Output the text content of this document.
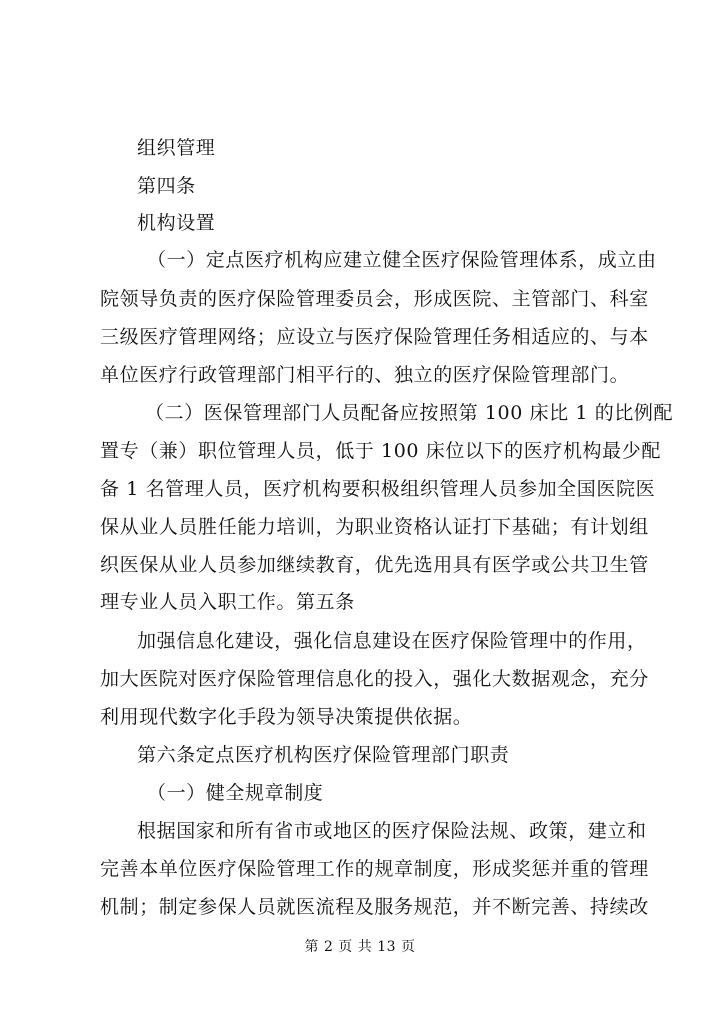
组织管理
第四条
机构设置
（一）定点医疗机构应建立健全医疗保险管理体系，成立由
院领导负责的医疗保险管理委员会，形成医院、主管部门、科室
三级医疗管理网络；应设立与医疗保险管理任务相适应的、与本
单位医疗行政管理部门相平行的、独立的医疗保险管理部门。
（二）医保管理部门人员配备应按照第 100 床比 1 的比例配
置专（兼）职位管理人员，低于 100 床位以下的医疗机构最少配
备 1 名管理人员，医疗机构要积极组织管理人员参加全国医院医
保从业人员胜任能力培训，为职业资格认证打下基础；有计划组
织医保从业人员参加继续教育，优先选用具有医学或公共卫生管
理专业人员入职工作。第五条
加强信息化建设，强化信息建设在医疗保险管理中的作用，
加大医院对医疗保险管理信息化的投入，强化大数据观念，充分
利用现代数字化手段为领导决策提供依据。
第六条定点医疗机构医疗保险管理部门职责
（一）健全规章制度
根据国家和所有省市或地区的医疗保险法规、政策，建立和
完善本单位医疗保险管理工作的规章制度，形成奖惩并重的管理
机制；制定参保人员就医流程及服务规范，并不断完善、持续改
第 2 页 共 13 页
